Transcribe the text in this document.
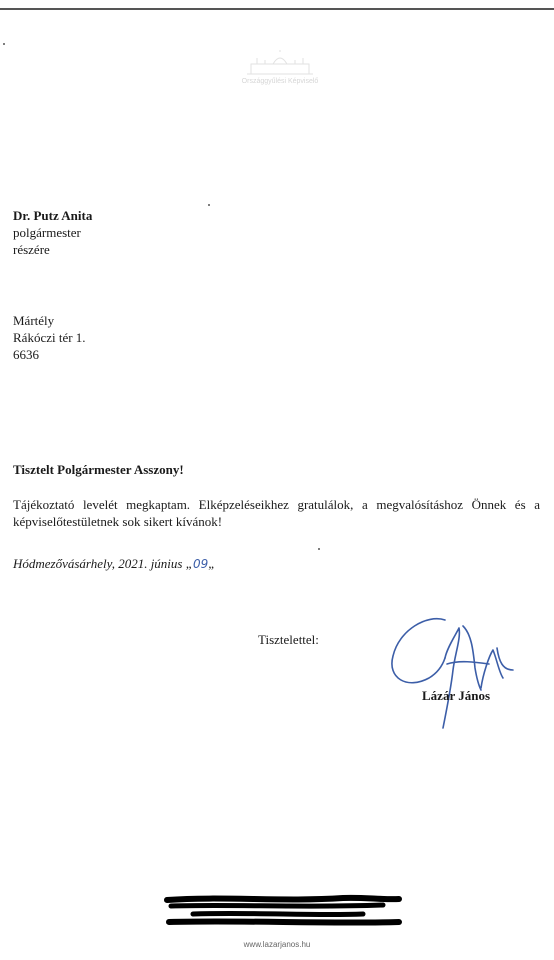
Országgyűlési Képviselő
Dr. Putz Anita
polgármester
részére
Mártély
Rákóczi tér 1.
6636
Tisztelt Polgármester Asszony!
Tájékoztató levelét megkaptam. Elképzeléseikhez gratulálok, a megvalósításhoz Önnek és a képviselőtestületnek sok sikert kívánok!
Hódmezővásárhely, 2021. június „09„
Tisztelettel:
Lázár János
www.lazarjanos.hu
